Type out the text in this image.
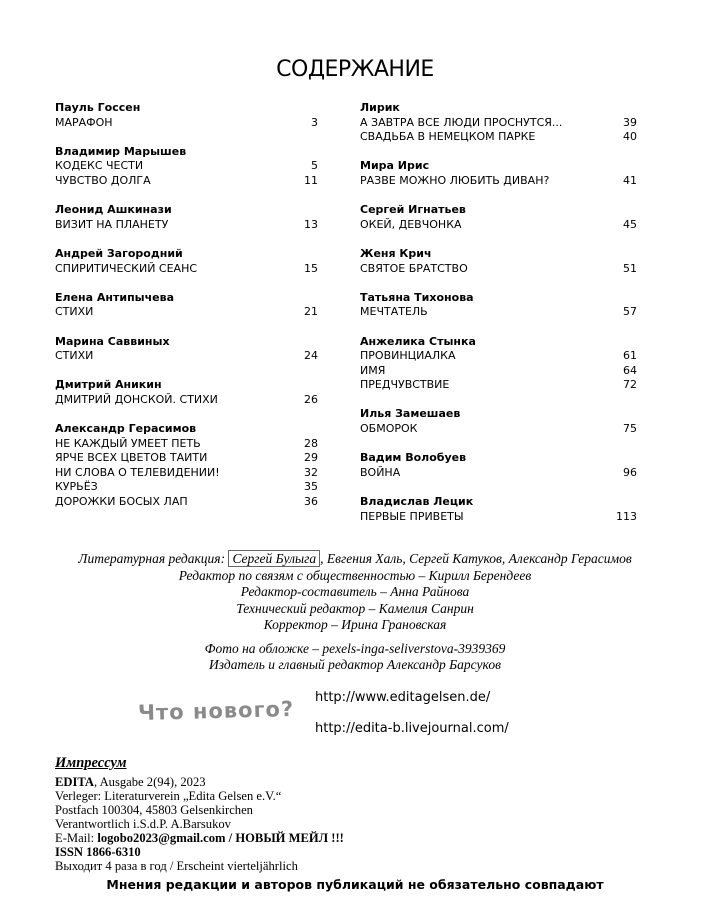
СОДЕРЖАНИЕ
Пауль Госсен
МАРАФОН	3
Владимир Марышев
КОДЕКС ЧЕСТИ	5
ЧУВСТВО ДОЛГА	11
Леонид Ашкинази
ВИЗИТ НА ПЛАНЕТУ	13
Андрей Загородний
СПИРИТИЧЕСКИЙ СЕАНС	15
Елена Антипычева
СТИХИ	21
Марина Саввиных
СТИХИ	24
Дмитрий Аникин
ДМИТРИЙ ДОНСКОЙ. СТИХИ	26
Александр Герасимов
НЕ КАЖДЫЙ УМЕЕТ ПЕТЬ	28
ЯРЧЕ ВСЕХ ЦВЕТОВ ТАИТИ	29
НИ СЛОВА О ТЕЛЕВИДЕНИИ!	32
КУРЬЁЗ	35
ДОРОЖКИ БОСЫХ ЛАП	36
Лирик
А ЗАВТРА ВСЕ ЛЮДИ ПРОСНУТСЯ...	39
СВАДЬБА В НЕМЕЦКОМ ПАРКЕ	40
Мира Ирис
РАЗВЕ МОЖНО ЛЮБИТЬ ДИВАН?	41
Сергей Игнатьев
ОКЕЙ, ДЕВЧОНКА	45
Женя Крич
СВЯТОЕ БРАТСТВО	51
Татьяна Тихонова
МЕЧТАТЕЛЬ	57
Анжелика Стынка
ПРОВИНЦИАЛКА	61
ИМЯ	64
ПРЕДЧУВСТВИЕ	72
Илья Замешаев
ОБМОРОК	75
Вадим Волобуев
ВОЙНА	96
Владислав Лецик
ПЕРВЫЕ ПРИВЕТЫ	113
Литературная редакция: Сергей Булыга , Евгения Халь, Сергей Катуков, Александр Герасимов
Редактор по связям с общественностью – Кирилл Берендеев
Редактор-составитель – Анна Райнова
Технический редактор – Камелия Санрин
Корректор – Ирина Грановская
Фото на обложке – pexels-inga-seliverstova-3939369
Издатель и главный редактор Александр Барсуков
Что нового? http://www.editagelsen.de/
http://edita-b.livejournal.com/
Импрессум
EDITA, Ausgabe 2(94), 2023
Verleger: Literaturverein „Edita Gelsen e.V.“
Postfach 100304, 45803 Gelsenkirchen
Verantwortlich i.S.d.P. A.Barsukov
E-Mail: logobo2023@gmail.com / НОВЫЙ МЕЙЛ !!!
ISSN 1866-6310
Выходит 4 раза в год / Erscheint vierteljährlich
Мнения редакции и авторов публикаций не обязательно совпадают
